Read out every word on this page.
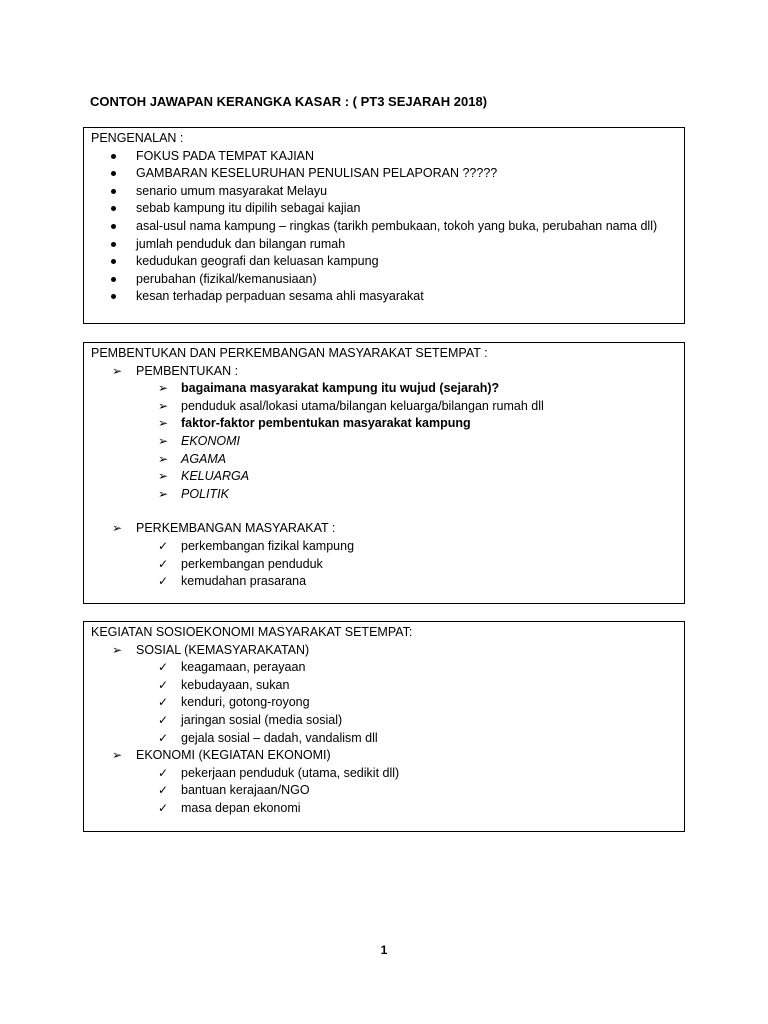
CONTOH JAWAPAN KERANGKA KASAR : ( PT3 SEJARAH 2018)
PENGENALAN :
FOKUS PADA TEMPAT KAJIAN
GAMBARAN KESELURUHAN PENULISAN PELAPORAN ?????
senario umum masyarakat Melayu
sebab kampung itu dipilih sebagai kajian
asal-usul nama kampung – ringkas (tarikh pembukaan, tokoh yang buka, perubahan nama dll)
jumlah penduduk dan bilangan rumah
kedudukan geografi dan keluasan kampung
perubahan (fizikal/kemanusiaan)
kesan terhadap perpaduan sesama ahli masyarakat
PEMBENTUKAN DAN PERKEMBANGAN MASYARAKAT SETEMPAT :
➢ PEMBENTUKAN :
➢ bagaimana masyarakat kampung itu wujud (sejarah)?
➢ penduduk asal/lokasi utama/bilangan keluarga/bilangan rumah dll
➢ faktor-faktor pembentukan masyarakat kampung
➢ EKONOMI
➢ AGAMA
➢ KELUARGA
➢ POLITIK
➢ PERKEMBANGAN MASYARAKAT :
✓ perkembangan fizikal kampung
✓ perkembangan penduduk
✓ kemudahan prasarana
KEGIATAN SOSIOEKONOMI MASYARAKAT SETEMPAT:
➢ SOSIAL (KEMASYARAKATAN)
✓ keagamaan, perayaan
✓ kebudayaan, sukan
✓ kenduri, gotong-royong
✓ jaringan sosial (media sosial)
✓ gejala sosial – dadah, vandalism dll
➢ EKONOMI (KEGIATAN EKONOMI)
✓ pekerjaan penduduk (utama, sedikit dll)
✓ bantuan kerajaan/NGO
✓ masa depan ekonomi
1
